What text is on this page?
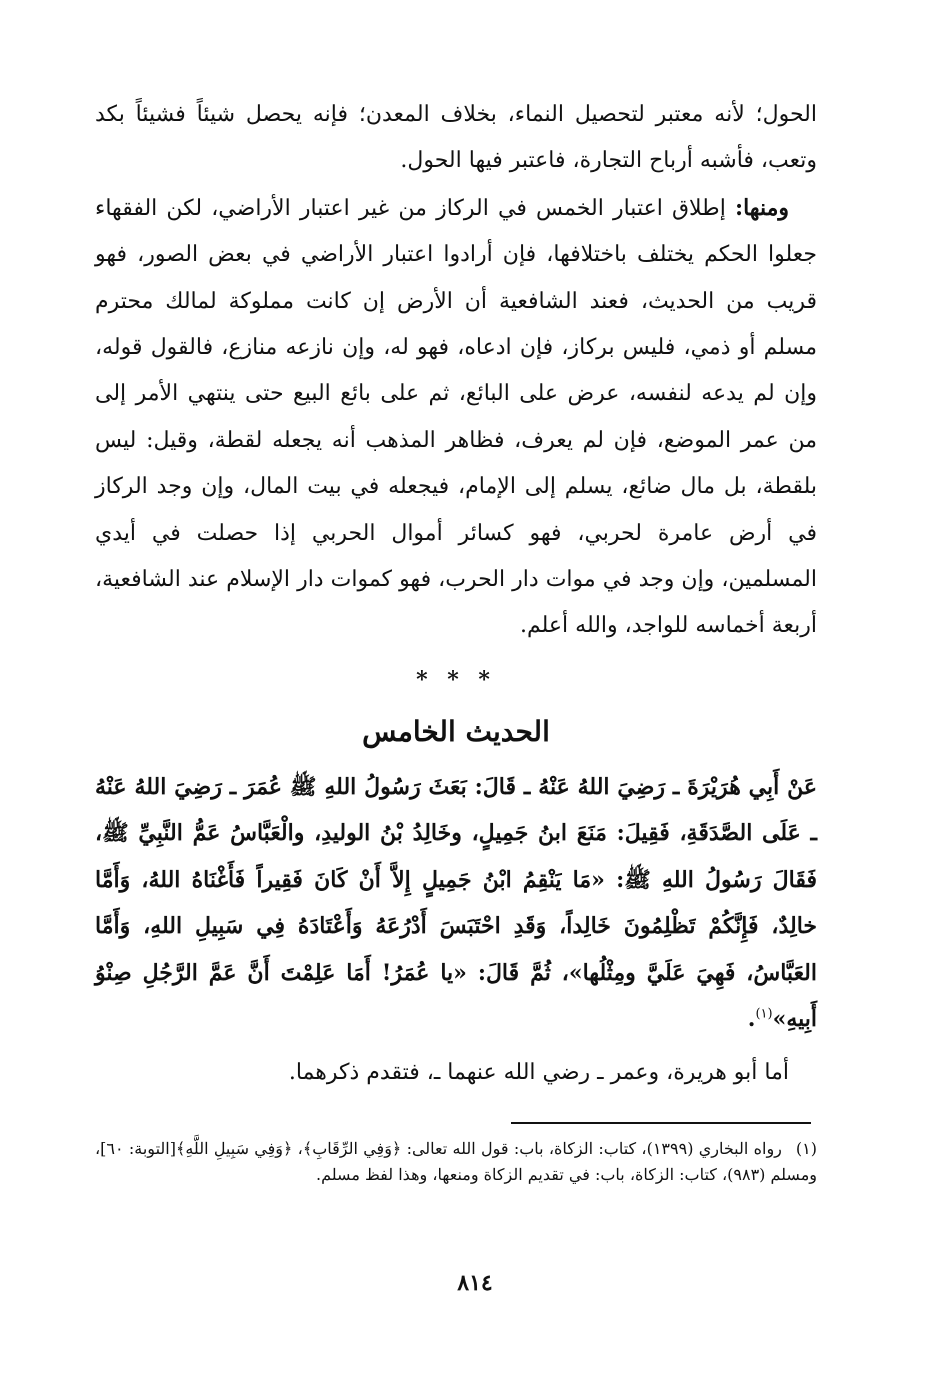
الحول؛ لأنه معتبر لتحصيل النماء، بخلاف المعدن؛ فإنه يحصل شيئاً فشيئاً بكد وتعب، فأشبه أرباح التجارة، فاعتبر فيها الحول.

ومنها: إطلاق اعتبار الخمس في الركاز من غير اعتبار الأراضي، لكن الفقهاء جعلوا الحكم يختلف باختلافها، فإن أرادوا اعتبار الأراضي في بعض الصور، فهو قريب من الحديث، فعند الشافعية أن الأرض إن كانت مملوكة لمالك محترم مسلم أو ذمي، فليس بركاز، فإن ادعاه، فهو له، وإن نازعه منازع، فالقول قوله، وإن لم يدعه لنفسه، عرض على البائع، ثم على بائع البيع حتى ينتهي الأمر إلى من عمر الموضع، فإن لم يعرف، فظاهر المذهب أنه يجعله لقطة، وقيل: ليس بلقطة، بل مال ضائع، يسلم إلى الإمام، فيجعله في بيت المال، وإن وجد الركاز في أرض عامرة لحربي، فهو كسائر أموال الحربي إذا حصلت في أيدي المسلمين، وإن وجد في موات دار الحرب، فهو كموات دار الإسلام عند الشافعية، أربعة أخماسه للواجد، والله أعلم.

* * *
الحديث الخامس

عَنْ أَبِي هُرَيْرَةَ ـ رَضِيَ اللهُ عَنْهُ ـ قَالَ: بَعَثَ رَسُولُ اللهِ ﷺ عُمَرَ ـ رَضِيَ اللهُ عَنْهُ ـ عَلَى الصَّدَقَةِ، فَقِيلَ: مَنَعَ ابنُ جَمِيلٍ، وخَالِدُ بْنُ الوليدِ، والْعَبَّاسُ عَمُّ النَّبِيِّ ﷺ، فَقَالَ رَسُولُ اللهِ ﷺ: «مَا يَنْقِمُ ابْنُ جَمِيلٍ إِلاَّ أَنْ كَانَ فَقِيراً فَأَغْنَاهُ اللهُ، وَأَمَّا خالِدٌ، فَإِنَّكُمْ تَظْلِمُونَ خَالِداً، وَقَدِ احْتَبَسَ أَدْرُعَهُ وَأَعْتَادَهُ فِي سَبِيلِ اللهِ، وَأَمَّا العَبَّاسُ، فَهِيَ عَلَيَّ ومِثْلُها»، ثُمَّ قَالَ: «يا عُمَرُ! أَمَا عَلِمْتَ أَنَّ عَمَّ الرَّجُلِ صِنْوُ أَبِيهِ»$^{(١)}$.

أما أبو هريرة، وعمر ـ رضي الله عنهما ـ، فتقدم ذكرهما.

(١)رواه البخاري (١٣٩٩)، كتاب: الزكاة، باب: قول الله تعالى: ﴿وَفِي الرِّقَابِ﴾، ﴿وَفِي سَبِيلِ اللَّهِ﴾[التوبة: ٦٠]، ومسلم (٩٨٣)، كتاب: الزكاة، باب: في تقديم الزكاة ومنعها، وهذا لفظ مسلم.

٨١٤
